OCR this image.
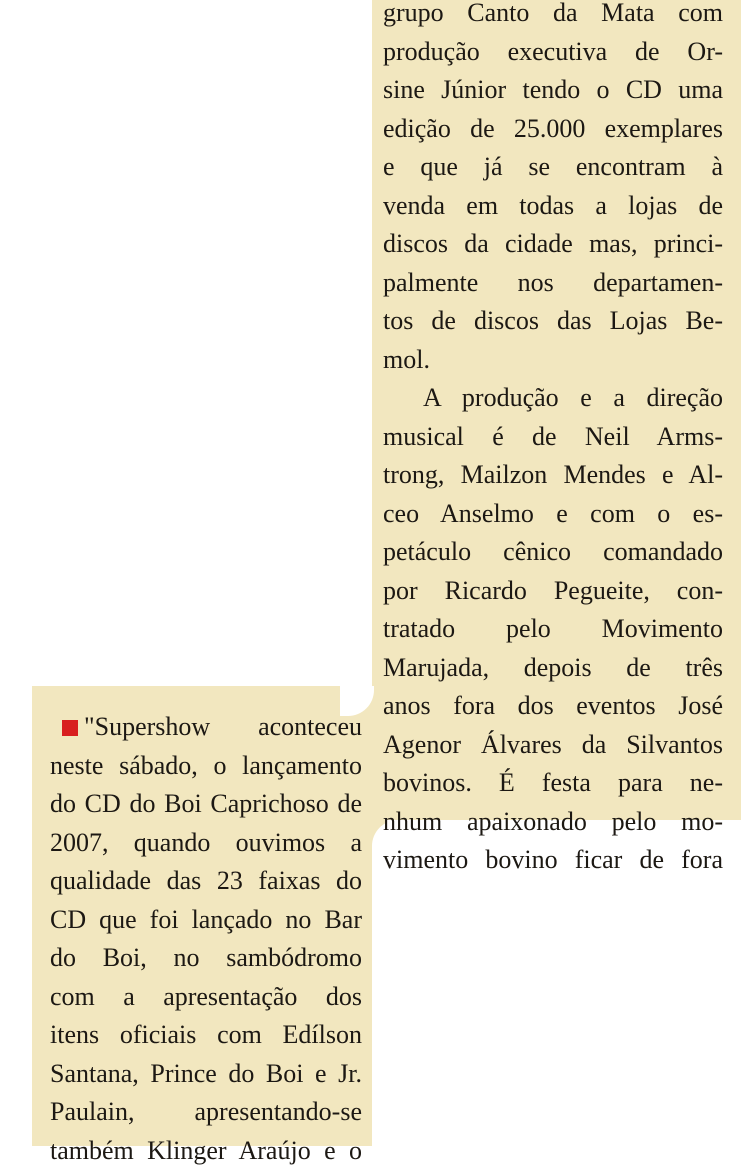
grupo Canto da Mata com
produção executiva de Or-
sine Júnior tendo o CD uma
edição de 25.000 exemplares
e que já se encontram à
venda em todas a lojas de
discos da cidade mas, princi-
palmente nos departamen-
tos de discos das Lojas Be-
mol.
A produção e a direção
musical é de Neil Arms-
trong, Mailzon Mendes e Al-
ceo Anselmo e com o es-
petáculo cênico comandado
por Ricardo Pegueite, con-
tratado pelo Movimento
Marujada, depois de três
anos fora dos eventos José
Agenor Álvares da Silvantos
bovinos. É festa para ne-
nhum apaixonado pelo mo-
vimento bovino ficar de fora
"Supershow aconteceu
neste sábado, o lançamento
do CD do Boi Caprichoso de
2007, quando ouvimos a
qualidade das 23 faixas do
CD que foi lançado no Bar
do Boi, no sambódromo
com a apresentação dos
itens oficiais com Edílson
Santana, Prince do Boi e Jr.
Paulain, apresentando-se
também Klinger Araújo e o
